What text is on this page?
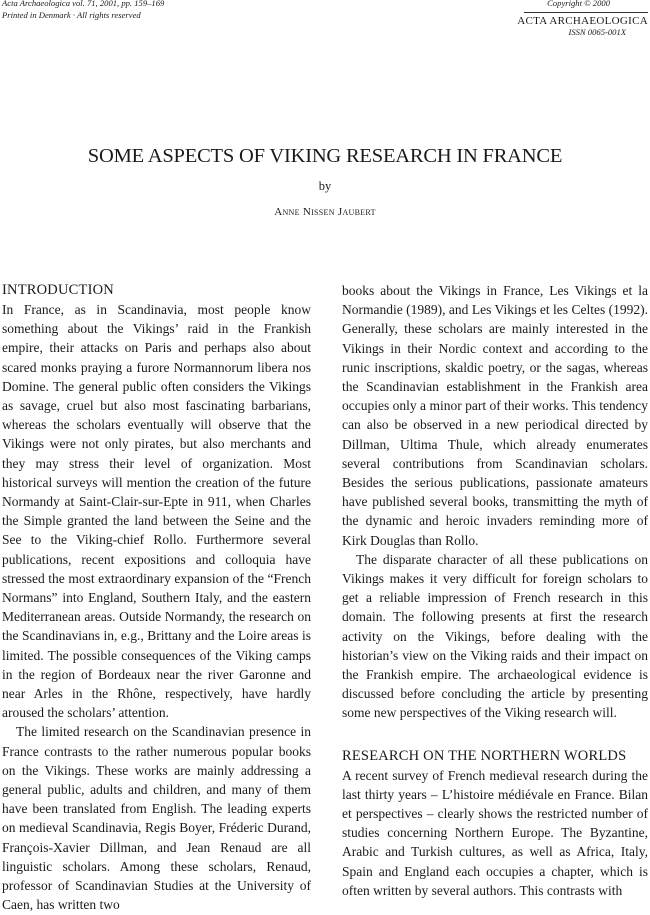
Acta Archaeologica vol. 71, 2001, pp. 159–169
Printed in Denmark · All rights reserved
Copyright © 2000
ACTA ARCHAEOLOGICA
ISSN 0065-001X
SOME ASPECTS OF VIKING RESEARCH IN FRANCE
by
Anne Nissen Jaubert
INTRODUCTION

In France, as in Scandinavia, most people know something about the Vikings’ raid in the Frankish empire, their attacks on Paris and perhaps also about scared monks praying a furore Normannorum libera nos Domine. The general public often considers the Vikings as savage, cruel but also most fascinating barbarians, whereas the scholars eventually will observe that the Vikings were not only pirates, but also merchants and they may stress their level of organization. Most historical surveys will mention the creation of the future Normandy at Saint-Clair-sur-Epte in 911, when Charles the Simple granted the land between the Seine and the See to the Viking-chief Rollo. Furthermore several publications, recent expositions and colloquia have stressed the most extraordinary expansion of the “French Normans” into England, Southern Italy, and the eastern Mediterranean areas. Outside Normandy, the research on the Scandinavians in, e.g., Brittany and the Loire areas is limited. The possible consequences of the Viking camps in the region of Bordeaux near the river Garonne and near Arles in the Rhône, respectively, have hardly aroused the scholars’ attention.

The limited research on the Scandinavian presence in France contrasts to the rather numerous popular books on the Vikings. These works are mainly addressing a general public, adults and children, and many of them have been translated from English. The leading experts on medieval Scandinavia, Regis Boyer, Fréderic Durand, François-Xavier Dillman, and Jean Renaud are all linguistic scholars. Among these scholars, Renaud, professor of Scandinavian Studies at the University of Caen, has written two

books about the Vikings in France, Les Vikings et la Normandie (1989), and Les Vikings et les Celtes (1992). Generally, these scholars are mainly interested in the Vikings in their Nordic context and according to the runic inscriptions, skaldic poetry, or the sagas, whereas the Scandinavian establishment in the Frankish area occupies only a minor part of their works. This tendency can also be observed in a new periodical directed by Dillman, Ultima Thule, which already enumerates several contributions from Scandinavian scholars. Besides the serious publications, passionate amateurs have published several books, transmitting the myth of the dynamic and heroic invaders reminding more of Kirk Douglas than Rollo.

The disparate character of all these publications on Vikings makes it very difficult for foreign scholars to get a reliable impression of French research in this domain. The following presents at first the research activity on the Vikings, before dealing with the historian’s view on the Viking raids and their impact on the Frankish empire. The archaeological evidence is discussed before concluding the article by presenting some new perspectives of the Viking research will.

RESEARCH ON THE NORTHERN WORLDS

A recent survey of French medieval research during the last thirty years – L’histoire médiévale en France. Bilan et perspectives – clearly shows the restricted number of studies concerning Northern Europe. The Byzantine, Arabic and Turkish cultures, as well as Africa, Italy, Spain and England each occupies a chapter, which is often written by several authors. This contrasts with
